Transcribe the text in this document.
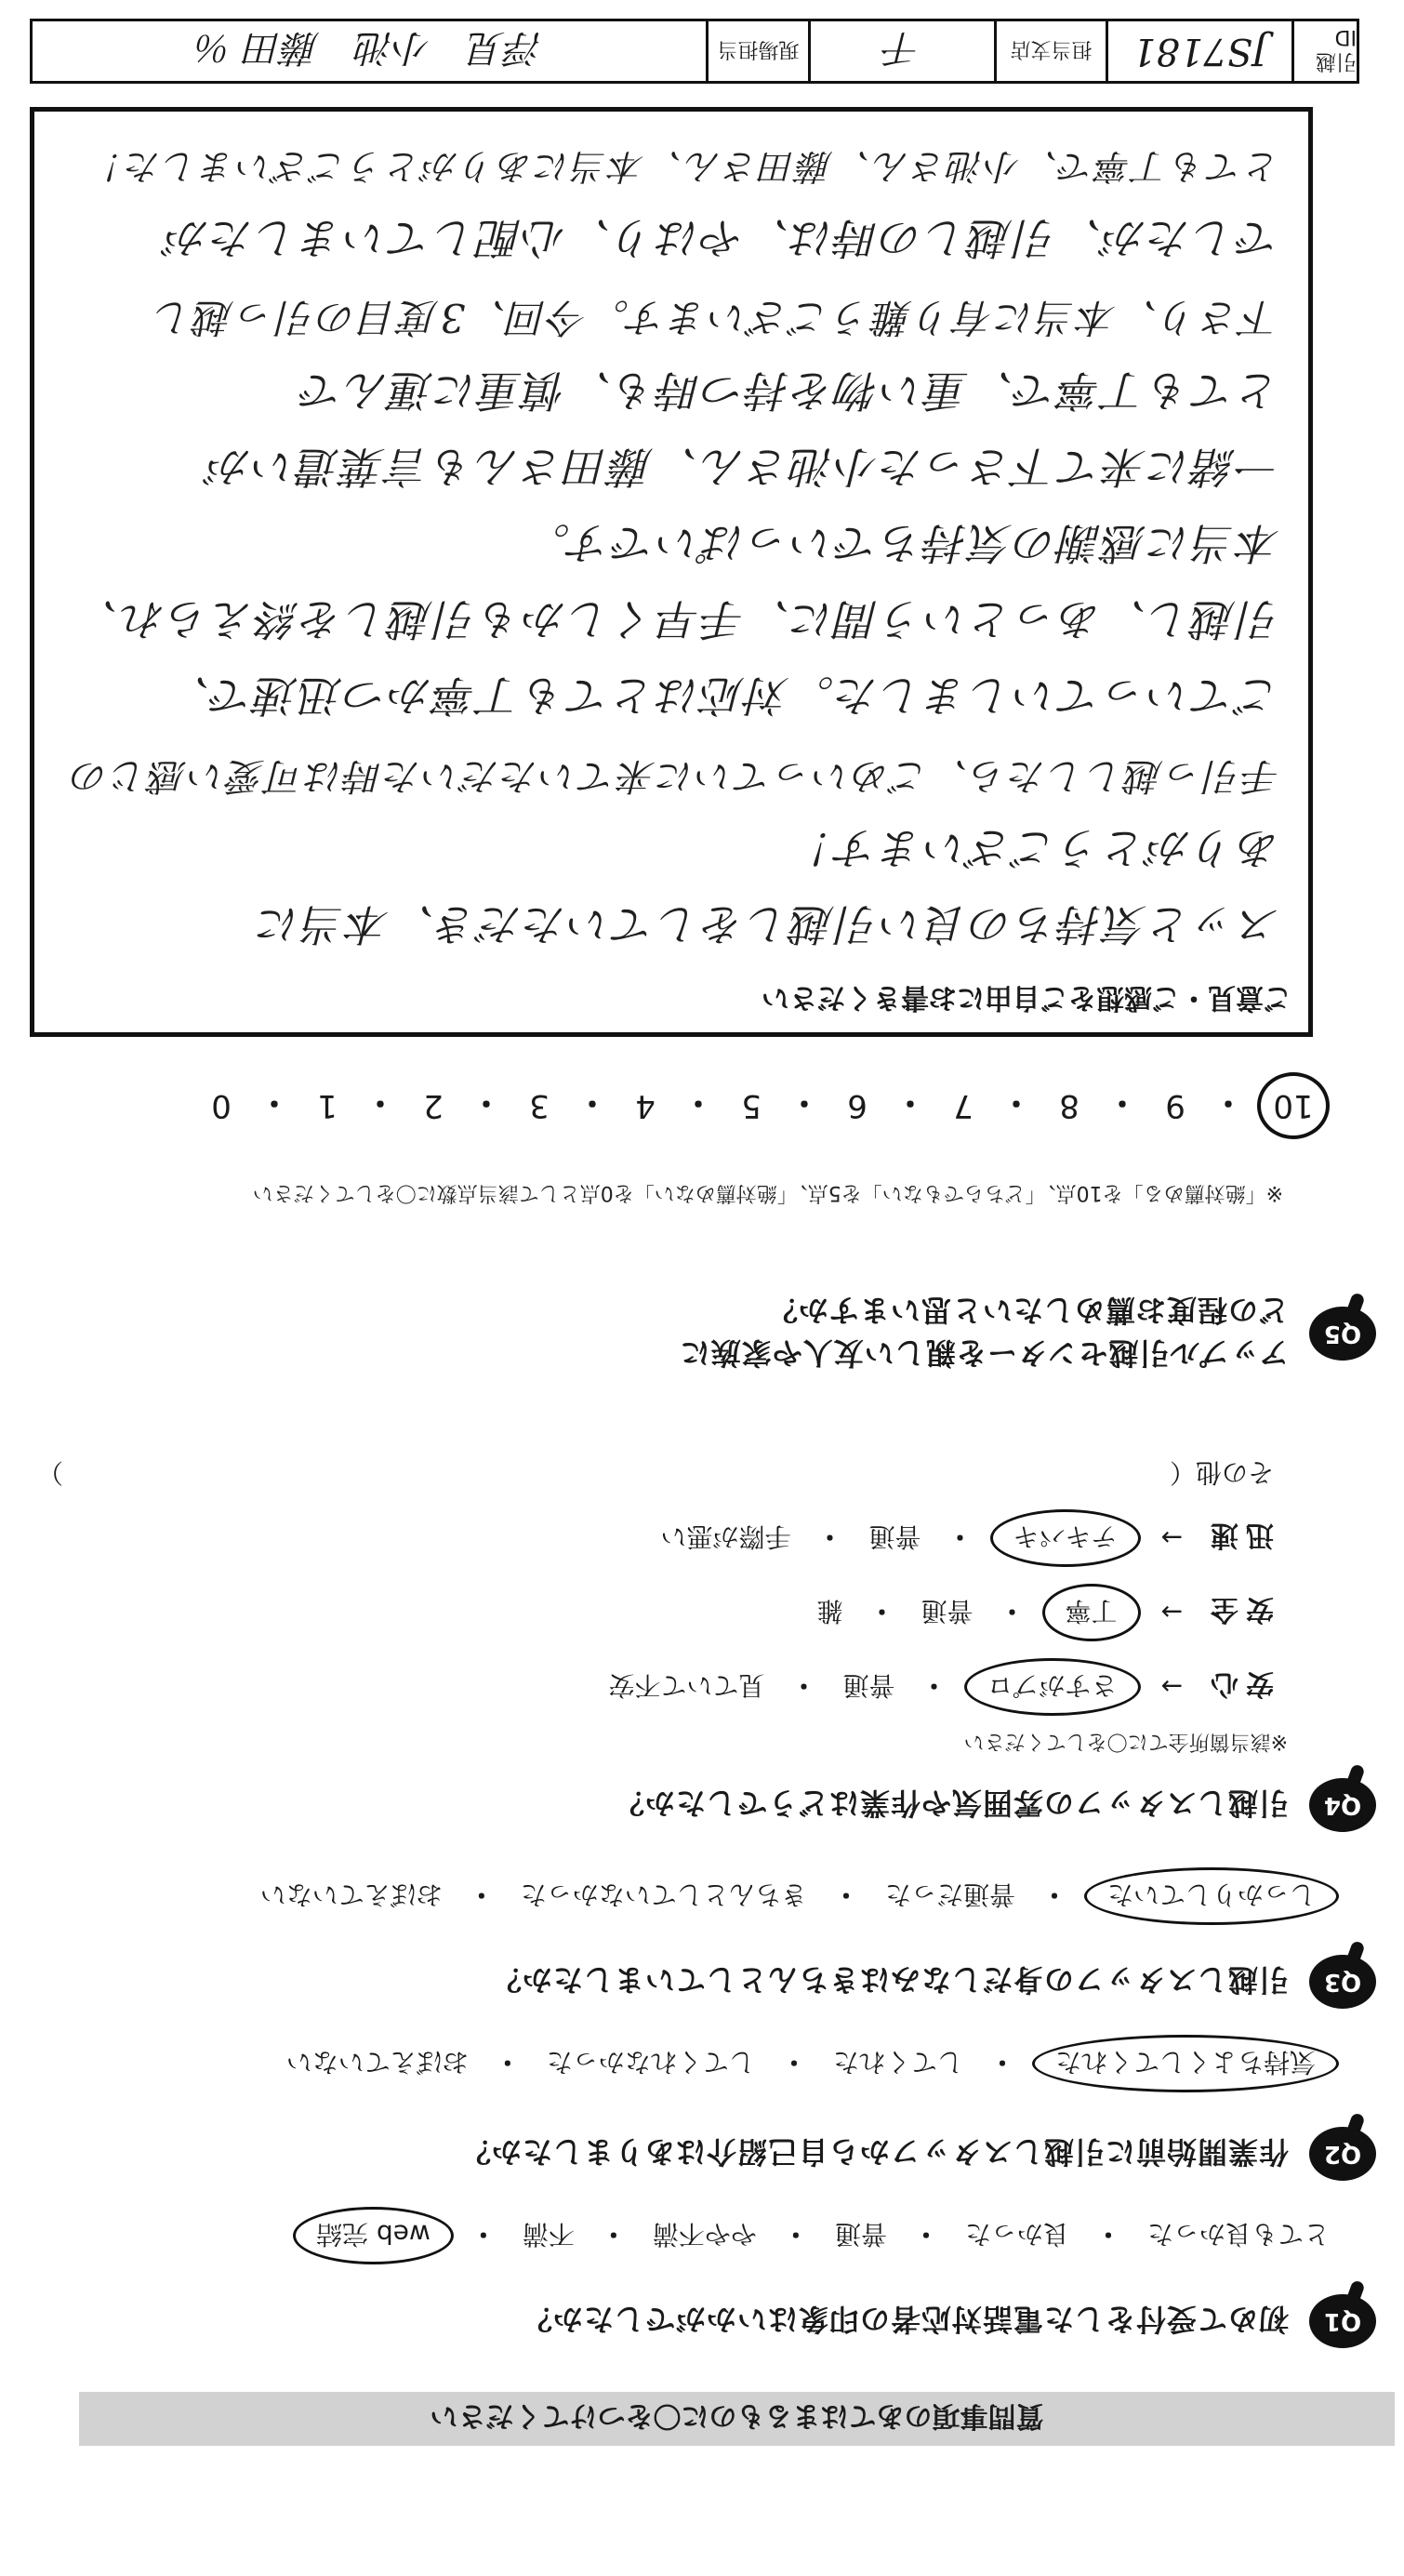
質問事項のあてはまるものに〇をつけてください
Q1
初めて受付をした電話対応者の印象はいかがでしたか？
とても良かった
・
良かった
・
普通
・
やや不満
・
不満
・
web 完結
Q2
作業開始前に引越しスタッフから自己紹介はありましたか？
気持ちよくしてくれた
・
してくれた
・
してくれなかった
・
おぼえていない
Q3
引越しスタッフの身だしなみはきちんとしていましたか？
しっかりしていた
・
普通だった
・
きちんとしていなかった
・
おぼえていない
Q4
引越しスタッフの雰囲気や作業はどうでしたか？
※該当箇所全てに〇をしてください
安心
→
さすがプロ
・
普通
・
見ていて不安
安全
→
丁寧
・
普通
・
雑
迅速
→
テキパキ
・
普通
・
手際が悪い
その他（
）
Q5
アップル引越センターを親しい友人や家族に
どの程度お薦めしたいと思いますか？
※「絶対薦める」を10点、「どちらでもない」を5点、「絶対薦めない」を0点として該当点数に〇をしてください
10
・
9
・
8
・
7
・
6
・
5
・
4
・
3
・
2
・
1
・
0
ご意見・ご感想をご自由にお書きください
スッと気持ちの良い引越しをしていただき、本当に
ありがとうございます！
手引っ越ししたら、ごめいっていに来ていただいた時は可愛い感じの
ごていっていしました。対応はとても丁寧かつ迅速で、
引越し、あっという間に、手早くしかも引越しを終えられ、
本当に感謝の気持ちでいっぱいです。
一緒に来て下さった小池さん、藤田さんも言葉遣いが
とても丁寧で、重い物を持つ時も、慎重に運んで
下さり、本当に有り難うございます。今回、3度目の引っ越し
でしたが、引越しの時は、やはり、心配していましたが
とても丁寧で、小池さん、藤田さん、本当にありがとうございました！
引越ID
JS7181
担当支店
千
現場担当
浮見　小池　藤田 ％
